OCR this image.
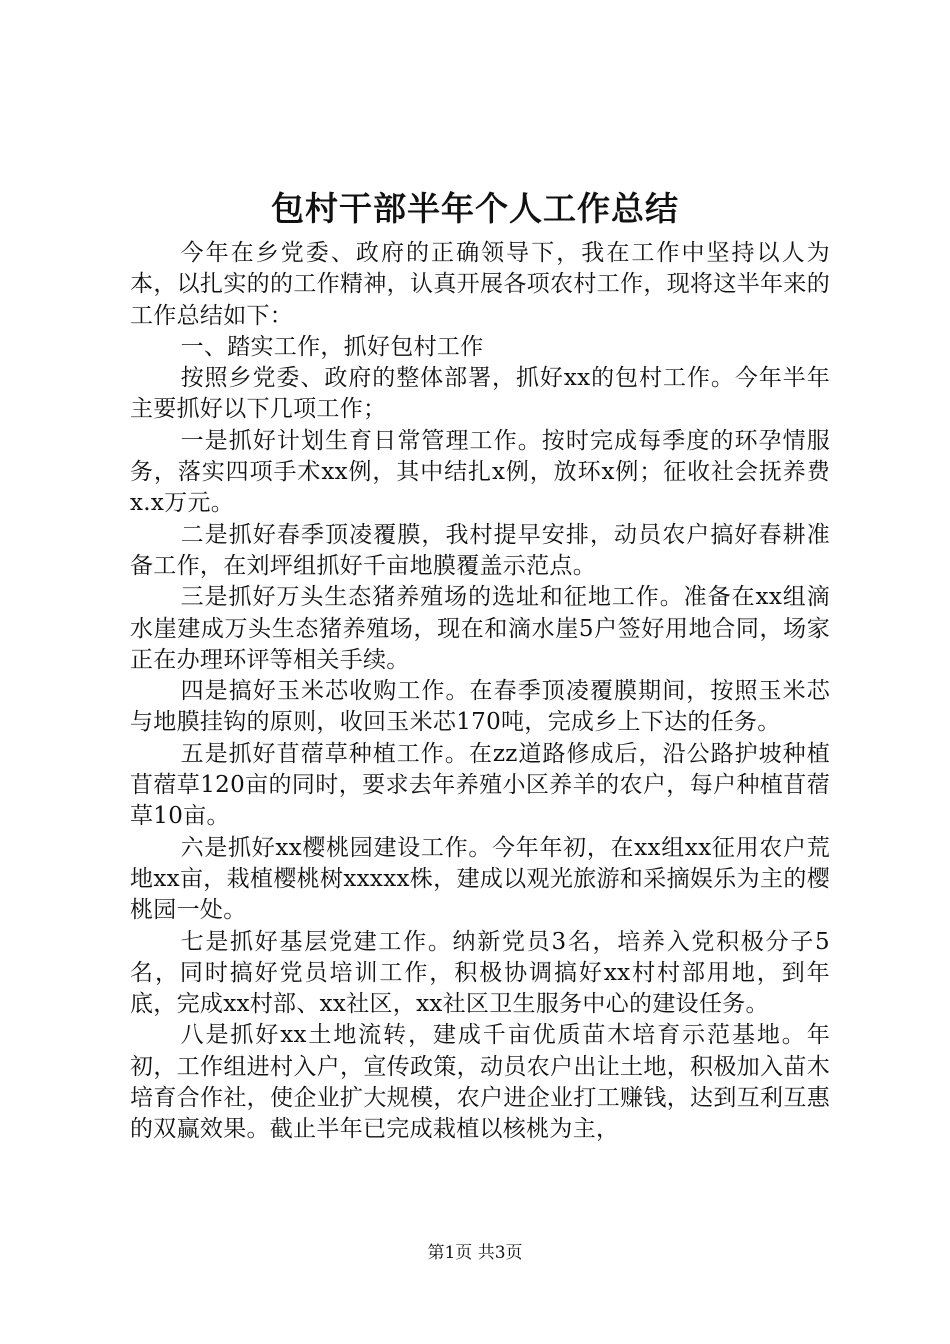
包村干部半年个人工作总结

今年在乡党委、政府的正确领导下，我在工作中坚持以人为本，以扎实的的工作精神，认真开展各项农村工作，现将这半年来的工作总结如下：

一、踏实工作，抓好包村工作

按照乡党委、政府的整体部署，抓好xx的包村工作。今年半年主要抓好以下几项工作；

一是抓好计划生育日常管理工作。按时完成每季度的环孕情服务，落实四项手术xx例，其中结扎x例，放环x例；征收社会抚养费x.x万元。

二是抓好春季顶凌覆膜，我村提早安排，动员农户搞好春耕准备工作，在刘坪组抓好千亩地膜覆盖示范点。

三是抓好万头生态猪养殖场的选址和征地工作。准备在xx组滴水崖建成万头生态猪养殖场，现在和滴水崖5户签好用地合同，场家正在办理环评等相关手续。

四是搞好玉米芯收购工作。在春季顶凌覆膜期间，按照玉米芯与地膜挂钩的原则，收回玉米芯170吨，完成乡上下达的任务。

五是抓好苜蓿草种植工作。在zz道路修成后，沿公路护坡种植苜蓿草120亩的同时，要求去年养殖小区养羊的农户，每户种植苜蓿草10亩。

六是抓好xx樱桃园建设工作。今年年初，在xx组xx征用农户荒地xx亩，栽植樱桃树xxxxx株，建成以观光旅游和采摘娱乐为主的樱桃园一处。

七是抓好基层党建工作。纳新党员3名，培养入党积极分子5名，同时搞好党员培训工作，积极协调搞好xx村村部用地，到年底，完成xx村部、xx社区，xx社区卫生服务中心的建设任务。

八是抓好xx土地流转，建成千亩优质苗木培育示范基地。年初，工作组进村入户，宣传政策，动员农户出让土地，积极加入苗木培育合作社，使企业扩大规模，农户进企业打工赚钱，达到互利互惠的双赢效果。截止半年已完成栽植以核桃为主，

第1页 共3页
